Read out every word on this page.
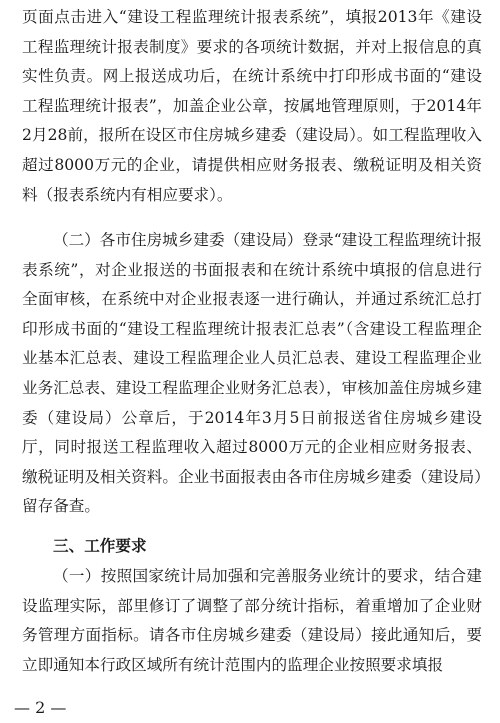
页面点击进入“建设工程监理统计报表系统”，填报2013年《建设工程监理统计报表制度》要求的各项统计数据，并对上报信息的真实性负责。网上报送成功后，在统计系统中打印形成书面的“建设工程监理统计报表”，加盖企业公章，按属地管理原则，于2014年2月28前，报所在设区市住房城乡建委（建设局）。如工程监理收入超过8000万元的企业，请提供相应财务报表、缴税证明及相关资料（报表系统内有相应要求）。

（二）各市住房城乡建委（建设局）登录“建设工程监理统计报表系统”，对企业报送的书面报表和在统计系统中填报的信息进行全面审核，在系统中对企业报表逐一进行确认，并通过系统汇总打印形成书面的“建设工程监理统计报表汇总表”（含建设工程监理企业基本汇总表、建设工程监理企业人员汇总表、建设工程监理企业业务汇总表、建设工程监理企业财务汇总表），审核加盖住房城乡建委（建设局）公章后，于2014年3月5日前报送省住房城乡建设厅，同时报送工程监理收入超过8000万元的企业相应财务报表、缴税证明及相关资料。企业书面报表由各市住房城乡建委（建设局）留存备查。

三、工作要求

（一）按照国家统计局加强和完善服务业统计的要求，结合建设监理实际，部里修订了调整了部分统计指标，着重增加了企业财务管理方面指标。请各市住房城乡建委（建设局）接此通知后，要立即通知本行政区域所有统计范围内的监理企业按照要求填报

— 2 —
